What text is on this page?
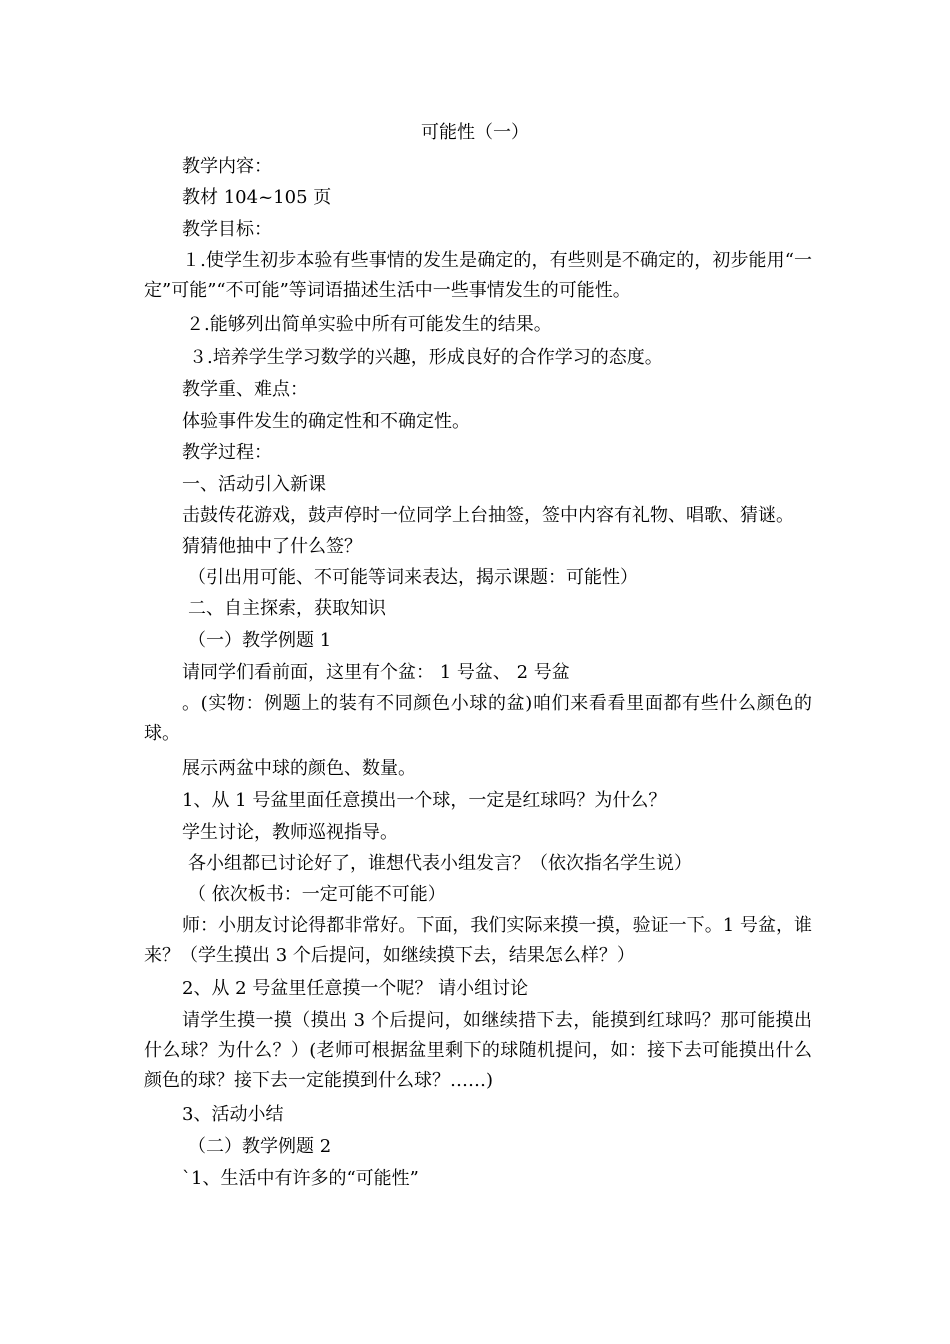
可能性（一）
教学内容：
教材 104~105 页
教学目标：
１.使学生初步本验有些事情的发生是确定的，有些则是不确定的，初步能用“一定”可能”“不可能”等词语描述生活中一些事情发生的可能性。
２.能够列出简单实验中所有可能发生的结果。
３.培养学生学习数学的兴趣，形成良好的合作学习的态度。
教学重、难点：
体验事件发生的确定性和不确定性。
教学过程：
一、活动引入新课
击鼓传花游戏，鼓声停时一位同学上台抽签，签中内容有礼物、唱歌、猜谜。
猜猜他抽中了什么签？
（引出用可能、不可能等词来表达，揭示课题：可能性）
二、自主探索，获取知识
（一）教学例题 1
请同学们看前面，这里有个盆： 1 号盆、 2 号盆
。(实物：例题上的装有不同颜色小球的盆)咱们来看看里面都有些什么颜色的球。
展示两盆中球的颜色、数量。
1、从 1 号盆里面任意摸出一个球，一定是红球吗？为什么？
学生讨论，教师巡视指导。
各小组都已讨论好了，谁想代表小组发言？（依次指名学生说）
（ 依次板书：一定可能不可能）
师：小朋友讨论得都非常好。下面，我们实际来摸一摸，验证一下。1 号盆，谁来？（学生摸出 3 个后提问，如继续摸下去，结果怎么样？）
2、从 2 号盆里任意摸一个呢？ 请小组讨论
请学生摸一摸（摸出 3 个后提问，如继续措下去，能摸到红球吗？那可能摸出什么球？为什么？）(老师可根据盆里剩下的球随机提问，如：接下去可能摸出什么颜色的球？接下去一定能摸到什么球？……)
3、活动小结
（二）教学例题 2
`1、生活中有许多的“可能性”
